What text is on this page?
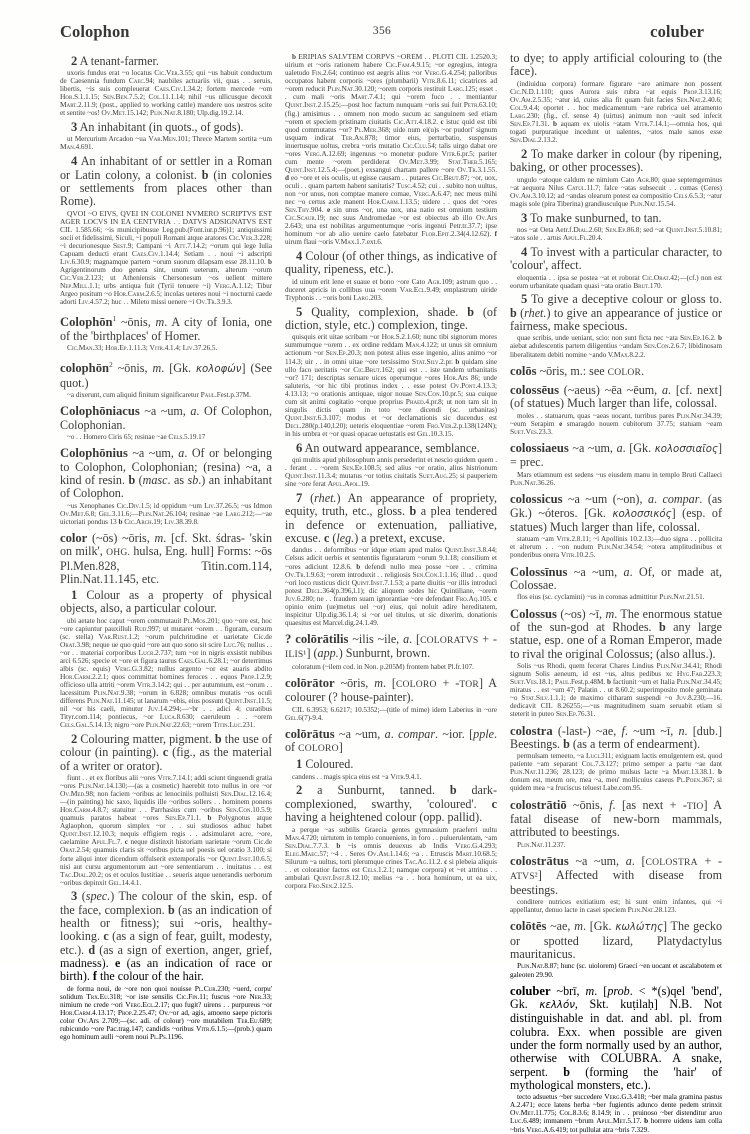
Colophon	356	coluber

2 A tenant-farmer.

uxoris fundus erat ~o locatus Cic.Ver.3.55; qui ~us habuit conductum de Caesennia fundum Caec.94; naubiles actuariis vii, quas . . seruis, libertis, ~is suis compleuerat Caes.Civ.1.34.2; fortem mercede ~om Hor.S.1.1.15; Sen.Ben.7.5.2; Col.11.1.14; nihil ~us ullicusque decoxit Mart.2.11.9; (post., applied to working cattle) mandere uos uestros scite et sentite ~os! Ov.Met.15.142; Plin.Nat.8.180; Ulp.dig.19.2.14.

3 An inhabitant (in quots., of gods).

ut Mercurium Arcadon ~ua Var.Men.101; Threce Martem sortita ~um Man.4.691.

4 An inhabitant of or settler in a Roman or Latin colony, a colonist. b (in colonies or settlements from places other than Rome).

QVOI ~O EIVS, QVEI IN COLONEI NVMERO SCRIPTVS EST AGER LOCVS IN EA CENTVRIA . . DATVS ADSIGNATVS EST CIL 1.585.66; ~is municipibusue Leg.pub.(Font.iur.p.96)1; antiquissimi socii et fidelissimi, Siculi, ~i populi Romani atque aratores Cic.Ver.3.228; ~i decurionesque Sest.9; Campani ~i Att.7.14.2; ~orum qui lege Iulia Capuam deducti erant Caes.Civ.1.14.4; Setiam . . noui ~i adscripti Liv.6.30.9; magnamque partem ~orum suorum dilapsam esse 28.11.10. b Agrigentinorum duo genera sint, unum ueterum, alterum ~orum Cic.Ver.2.123; ut Atheniensis Chersonesum ~os uellent mittere Nep.Mill.1.1; urbs antiqua fuit (Tyrii tenuere ~i) Verg.A.1.12; Tibur Argeo positum ~o Hor.Carm.2.6.5; incolas ueteres noui ~i nocturni caede adorti Liv.4.57.2; huc . . Mileto missi uenere ~i Ov.Tr.3.9.3.

Colophōn$^1$ ~ōnis, m. A city of Ionia, one of the 'birthplaces' of Homer.

Cic.Man.33; Hor.Ep.1.11.3; Vitr.4.1.4; Liv.37.26.5.

colophōn$^2$ ~ōnis, m. [Gk. κολοφών] (See quot.)

~a dixerunt, cum aliquid finitum significaretur Paul.Fest.p.37M.

Colophōniacus ~a ~um, a. Of Colophon, Colophonian.

~o . . Homero Ciris 65; resinae ~ae Cels.5.19.17

Colophōnius ~a ~um, a. Of or belonging to Colophon, Colophonian; (resina) ~a, a kind of resin. b (masc. as sb.) an inhabitant of Colophon.

~us Xenophanes Cic.Div.1.5; id oppidum ~um Liv.37.26.5; ~us Idmon Ov.Met.6.8; Gel.3.11.6;—Plin.Nat.26.104; resinae ~ae Larg.212;—~ae uictoriati pondus 13 b Cic.Arch.19; Liv.38.39.8.

color (~ōs) ~ōris, m. [cf. Skt. śdras- 'skin on milk', OHG. hulsa, Eng. hull] Forms: ~ōs Pl.Men.828, Titin.com.114, Plin.Nat.11.145, etc.

1 Colour as a property of physical objects, also, a particular colour.

ubi aetate hoc caput ~orem commutauit Pl.Mos.201; quo ~ore est, hoc ~ore capiuntur pauxilluli Rud.997; ut mutaret ~orem . . figuram, cursum (sc. stella) Var.Rust.1.2; ~orum pulchritudine et uarietate Cic.de Orat.3.98; neque ue quo quid ~ore aut quo sono sit scire Luc.76; nullus . . ~or . . materiai corporibus Lucr.2.737; tum ~or in nigris exsistit nubibus arci 6.526; specie et ~ore et figura taurus Caes.Gal.6.28.1; ~or deterrimus albis (sc. equis) Verg.G.3.82; nullus argento ~or est auaris abdito Hor.Carm.2.2.1; quos committat homines feroces . . equos Prop.1.2.9; officioso ulla attriti ~orem Vitr.3.14.2; qui . . per autumnum, est ~orum . . lacessitum Plin.Nat.9.38; ~orum in 6.828; omnibus mutatis ~os oculi differens Plin.Nat.11.145; ut lanarum ~ebis, eius possunt Quint.Inst.11.5; nil ~or his caeli, minutur Juv.14.294;—~br . . adici 4; curatibus Tityr.com.114; pontiecus, ~or Luca.8.630; caeruleum . . ~orem Cels.Gal.5.14.13; nigro ~ore Plin.Nat.22.63; ~orem Titin.Luc.231.

2 Colouring matter, pigment. b the use of colour (in painting). c (fig., as the material of a writer or orator).

fiunt . . et ex floribus alii ~ores Vitr.7.14.1; addi sciunt tinguendi gratia ~ores Plin.Nat.14.130;—(as a cosmetic) haerebit toto nullus in ore ~or Ov.Med.98; non faciem ~oribus ac lenociniis polluisti Sen.Dial.12.16.4;—(in painting) hic saxo, liquidis ille ~oribus sollers . . hominem ponens Hor.Carm.4.8.7; statuitur . . Parrhasius cum ~oribus Sen.Con.10.5.9; quamuis paratos habeat ~ores Sen.Ep.71.1. b Polygnotus atque Aglaophon, quorum simplex ~or . . sui studiosos adhuc habet Quint.Inst.12.10.3; nequis effigiem regis . . adsimularet acre, ~ore, caelamine Apul.Fl.7. c neque distinxit historiam uarietate ~orum Cic.de Orat.2.54; quamuis claris sit ~oribus picta uel poesis uel oratio 3.100; si forte aliqui inter dicendum offulserit extemporalis ~or Quint.Inst.10.6.5; nisi aut cursu argumentorum aut ~ore sententiarum . . inuitatus . . est Tac.Dial.20.2; os et oculos Iustitiae . . seueris atque uenerandis uerborum ~oribus depinxit Gel.14.4.1.

3 (spec.) The colour of the skin, esp. of the face, complexion. b (as an indication of health or fitness); sui ~oris, healthy-looking. c (as a sign of fear, guilt, modesty, etc.). d (as a sign of exertion, anger, grief, madness). e (as an indication of race or birth). f the colour of the hair.

de forma noui, de ~ore non quoi nouisse Pl.Cur.230; ~uerd, corpu' solidum Trx.Eu.318; ~or iste sensilis Cic.Fin.11; fuscus ~ore Ner.33; nimium ne crede ~ori Verg.Ecl.2.17; quo fugit? uirens . . purpureus ~or Hor.Carm.4.13.17; Prop.2.25.47; Ov.~or ad, agis, amoeno saepe pictoris color Ov.Ars 2.709;—(sc. adi. of colour) ~ore mutabilem Ter.Eu.689; rubicundo ~ore Pac.trag.147; candidis ~oribus Vitr.6.1.5;—(prob.) quam ego hominum aulli ~orem noui Pl.Ps.1196.

b ERIPIAS SALVTEM CORPVS ~OREM . . PLOTI CIL 1.2520.3; uirium et ~oris rationem habere Cic.Fam.4.9.15; ~or egregius, integra ualetudo Fin.2.64; continuo est aegris alius ~or Verg.G.4.254; palloribus occupatos habent corporis ~ores (plumbarii) Vitr.8.6.11; cicatrices ad ~orem reducit Plin.Nat.30.120; ~orem corporis restituit Larg.125; esset . . cum mali ~oris Mart.7.4.1; qui ~orem fuco . . mentiantur Quint.Inst.2.15.25;—post hoc factum nunquam ~oris sui fuit Petr.63.10; (fig.) amisimus . . omnem non modo sucum ac sanguinem sed etiam ~orem et speciem pristinam ciuitatis Cic.Att.4.18.2. c istuc quid est tibi quod commutatus ~or? Pl.Mer.368; uide num ei(u)s ~or pudori' signum usquam indicat Ter.An.878; timor eius, perturbatio, suspensus inuertusque uoltus, crebra ~oris mutatio Cic.Clu.54; talis uirgo dabat ore ~ores Verg.A.12.69; ingenuus ~o monetur pudore Vitr.6.pr.5; pariter cum mente ~orem perdiderat Ov.Met.3.99; Stat.Theb.5.165; Quint.Inst.12.5.4;—(poet.) exsangui chartam pallere ~ore Ov.Tr.3.1.55. d eo ~ore et eis oculis, ut egisse causam . . putares Cic.Brut.87; ~or, uox, oculi . . quam partem habent sanitatis? Tusc.4.52; cui . . subito non uultus, non ~or unus, non comptae manere comae, Verg.A.6.47; nec meus mihi nec ~o certus axle manent Hor.Carm.1.13.5; uidere . . quos det ~ores Sen.Thy.904. e sin unus ~or, una uox, una natio est omnium testium Cic.Scaur.19; nec suus Andromedae ~or est obiectus ab illo Ov.Ars 2.643; una est nobilitas argumentumque ~oris ingenui Petr.tr.37.7; ipse hominum ~or ab alio uenire caelo fatebatur Flor.Epit.2.34(4.12.62). f uirum flaui ~oris V.Max.1.7.ext.6.

4 Colour (of other things, as indicative of quality, ripeness, etc.).

id uinum erit lene et suaue et bono ~ore Cato Agr.109; astrum quo . . duceret apricis in collibus uua ~orem Var.Ecl.9.49; emplastrum uiride Tryphonis . . ~oris boni Larg.203.

5 Quality, complexion, shade. b (of diction, style, etc.) complexion, tinge.

quisquis erit uitae scribam ~or Hor.S.2.1.60; nunc tibi signorum mores summumque ~orem . . ex ordine reddam Man.4.122; ut unus sit omnium actionum ~or Sen.Ep.20.3; non potest alius esse ingenio, alius animo ~or 114.3; uir . . in omni uitae ~ore tersissimo Stat.Silv.2.pr. b quidam sine ullo faco ueritatis ~or Cic.Brut.162; qui est . . iste tandem urbanitatis ~or? 171; descriptas seruare uices operumque ~ores Hor.Ars 86; unde saluteris, ~or hic tibi protinus index . . esse potest Ov.Pont.4.13.3; 4.13.13; ~o orationis antiquae, uigor nouae Sen.Con.10.pr.5; sua cuique cum sit animi cogitatio ~orque proprius Phaed.4.pr.8; ut non tam sit in singulis dictis quam in toto ~ore dicendi (sc. urbanitas) Quint.Inst.6.3.107; modus et ~or declamationis sic ducendus est Decl.280(p.140,l.20); ueteris eloquentiae ~orem Fro.Ver.2.p.138(124N); in his umbra et ~or quasi opacae uetustatis est Gel.10.3.15.

6 An outward appearance, semblance.

qui multis apud philosophum annis persederint et nescio quidem quem . . ferant . . ~orem Sen.Ep.108.5; sed alius ~or oratio, alius histrionum Quint.Inst.11.3.4; mutatus ~or totius ciuitatis Suet.Aug.25; si pauperiem sine ~ore ferat Apul.Apol.19.

7 (rhet.) An appearance of propriety, equity, truth, etc., gloss. b a plea tendered in defence or extenuation, palliative, excuse. c (leg.) a pretext, excuse.

dandus . . deformibus ~or idque etiam apud malos Quint.Inst.3.8.44; Celsus adicit uerbis et sententiis figuratarum ~orum 9.1.18; consilium et ~ores adiciunt 12.8.6. b defendi nullo mea posse ~ore . . crimina Ov.Tr.1.9.63; ~orem introduxit . . religiosis Sen.Con.1.1.16; illud . . quod ~ori loco rusticus dicit Quint.Inst.7.1.53; a parte diuitis ~or illis introduci potest Decl.364(p.396,l.1); dic aliquem sodes hic Quintiliane, ~orem Juv.6.280; ne . . fraudem suam ignorantiae ~ore defendant Fro.Aq.105. c opinio enim (ue)metus uel ~or) eius, qui noluit adire hereditatem, inspicitur Ulp.dig.36.1.4; si ~or uel titulus, ut sic dixerim, donationis quaesitus est Marcel.dig.24.1.49.

? colōrātilis ~ilis ~ile, a. [COLORATVS + -ILIS¹] (app.) Sunburnt, brown.

coloratum (~ilem cod. in Non. p.205M) frontem habet Pl.fr.107.

colōrātor ~ōris, m. [COLORO + -TOR] A colourer (? house-painter).

CIL 6.3953; 6.6217; 10.5352;—(title of mime) idem Laberius in ~ore Gel.6(7)-9.4.

colōrātus ~a ~um, a. compar. ~ior. [pple. of COLORO]

1 Coloured.

candens . . magis spica eius est ~a Vitr.9.4.1.

2 a Sunburnt, tanned. b dark-complexioned, swarthy, 'coloured'. c having a heightened colour (opp. pallid).

a perque ~as subtilis Graecia gentes gymnasium praeferri uultu Man.4.720; uirtutem in templo conueniens, in foro . . puluerulentam, ~am Sen.Dial.7.7.3. b ~is omnis deuexus ab Indis Verg.G.4.293; Eleg.Maec.57; ~4 . . Seres Ov.Am.1.14.6; ~a . . Etruscis Mart.10.68.5; Silurum ~a uultus, torti plerumque crines Tac.Ag.11.2. c si plebeia aliquis . . et coloratior factos est Cels.1.2.1; namque corpora) et ~et attritus . . ambulati Quint.Inst.8.12.10; melius ~a . . hora hominum, ut ea uix, corpora Fro.Sen.2.12.5.

to dye; to apply artificial colouring to (the face).

(indiuidua corpora) formare figurare ~are animare non possent Cic.N.D.1.110; quos Aurora suis rubra ~at equis Prop.3.13.16; Ov.Am.2.5.35; ~atur id, cuius alia fit quam fuit facies Sen.Nat.2.40.6; Col.9.4.4; oportet . . hoc medicamentum ~are rubrica uel atramento Larg.230; (fig., cf. sense 4) (uirtus) animum non ~auit sed infecit Sen.Ep.71.31. b aquam ex uiolis ~atam Vitr.7.14.1;—omnia hos, qui togati purpuratique incedunt ut ualentes, ~atos male sanos esse Sen.Dial.2.13.2.

2 To make darker in colour (by ripening, baking, or other processes).

ungulo ~atoque caldum ne nimium Cato Agr.80; quae septemgeminus ~at aequora Nilus Catul.11.7; falce ~atas subsecuit . . comas (Ceres) Ov.Am.3.10.12; ad ~andas olearum potest ea compositio Cels.6.5.3; ~atur magis sole (pira Tiberina) grandiusculque Plin.Nat.15.54.

3 To make sunburned, to tan.

nos ~at Oeta Aetr.f.Dial.2.60; Sen.Ep.86.8; sed ~at Quint.Inst.5.10.81; ~atos sole . . artus Apul.Fl.20.4.

4 To invest with a particular character, to 'colour', affect.

eloquentia . . ipsa se postea ~at et roborat Cic.Orat.42;—(cf.) non est eorum urbanitate quadam quasi ~ata oratio Brut.170.

5 To give a deceptive colour or gloss to. b (rhet.) to give an appearance of justice or fairness, make specious.

quae scribis, unde ueniant, scio: non sunt ficta nec ~ata Sen.Ep.16.2. b aiebat adulescentis partem diligentius ~andam Sen.Con.2.6.7; libidinosam liberalitatem debiti nomine ~ando V.Max.8.2.2.

colōs ~ōris, m.: see COLOR.

colossēus (~aeus) ~ēa ~ēum, a. [cf. next] (of statues) Much larger than life, colossal.

moles . . statuarum, quas ~aeas uocant, turribus pares Plin.Nat.34.39; ~eum Serapim e smaragdo nouem cubitorum 37.75; statuam ~eam Suet.Ves.23.3.

colossiaeus ~a ~um, a. [Gk. κολοσσιαῖος] = prec.

Mars etiamnum est sedens ~us eiusdem manu in templo Bruti Callaeci Plin.Nat.36.26.

colossicus ~a ~um (~on), a. compar. (as Gk.) ~óteros. [Gk. κολοσσικός] (esp. of statues) Much larger than life, colossal.

statuam ~am Vitr.2.8.11; ~i Apollinis 10.2.13;—duo signa . . pollicita et alterum . . ~on nudum Plin.Nat.34.54; ~otera amplitudinibus et ponderibus onera Vitr.10.2.5.

Colossīnus ~a ~um, a. Of, or made at, Colossae.

flos eius (sc. cyclamini) ~us in coronas admittitur Plin.Nat.21.51.

Colossus (~os) ~ī, m. The enormous statue of the sun-god at Rhodes. b any large statue, esp. one of a Roman Emperor, made to rival the original Colossus; (also allus.).

Solis ~us Rhodi, quem fecerat Chares Lindius Plin.Nat.34.41; Rhodi signum Solis aeneum, id est ~us, altus pedibus xc Hyg.Fab.223.3; Suet.Ves.18.1; Paul.Fest.p.48M. b factiunit ~um et Italia Plin.Nat.34.45; miratus . . est ~um 47; Palatin . . ut 8.60.2; superimposito mole geminata ~o Stat.Silv.1.1.1; de maximo citharam suspendi ~o Juv.8.230;—16. dedicavit CIL 8.26255;—~us magnitudinem suam seruabit etiam si steterit in puteo Sen.Ep.76.31.

colostra (-last-) ~ae, f. ~um ~ī, n. [dub.] Beestings. b (as a term of endearment).

permulsam temeeto, ~a Luci.311; exiguam lactis emulgentem est, quod patiente ~am separant Col.7.3.127; primo semper a partu ~ae dant Plin.Nat.11.236; 28.123; de primo mulsus lacte ~a Mart.13.38.1. b donum est, meum ore, mea ~a, meu' mollicuius caseus Pl.Poen.367; si quidem mea ~a fruciscus teluest Labe.com.95.

colostrātiō ~ōnis, f. [as next + -TIO] A fatal disease of new-born mammals, attributed to beestings.

Plin.Nat.11.237.

colostrātus ~a ~um, a. [COLOSTRA + -ATVS²] Affected with disease from beestings.

conditere nutrices exitiatium est; hi sunt enim infantes, qui ~i appellantur, denuo lacte in casei speciem Plin.Nat.28.123.

colōtēs ~ae, m. [Gk. κωλώτης] The gecko or spotted lizard, Platydactylus mauritanicus.

Plin.Nat.8.87; hunc (sc. uiolorem) Graeci ~en uocant et ascalabotem et galeoten 29.90.

coluber ~brī, m. [prob. < *(s)qel 'bend', Gk. κελλόν, Skt. kuṭilaḥ] N.B. Not distinguishable in dat. and abl. pl. from colubra. Exx. when possible are given under the form normally used by an author, otherwise with COLUBRA. A snake, serpent. b (forming the 'hair' of mythological monsters, etc.).

tecto adsuetus ~ber succedere Verg.G.3.418; ~ber mala gramina pastus A.2.471; ecce latens herba ~ber fugientis adunco dente pedem strinxit Ov.Met.11.775; Col.8.3.6; 8.14.9; in . . pruinoso ~ber distenditur aruo Luc.6.489; immanem ~brum Apul.Met.5.17. b horrere uidens iam colla ~bris Verg.A.6.419; tot pullulat atra ~bris 7.329.
